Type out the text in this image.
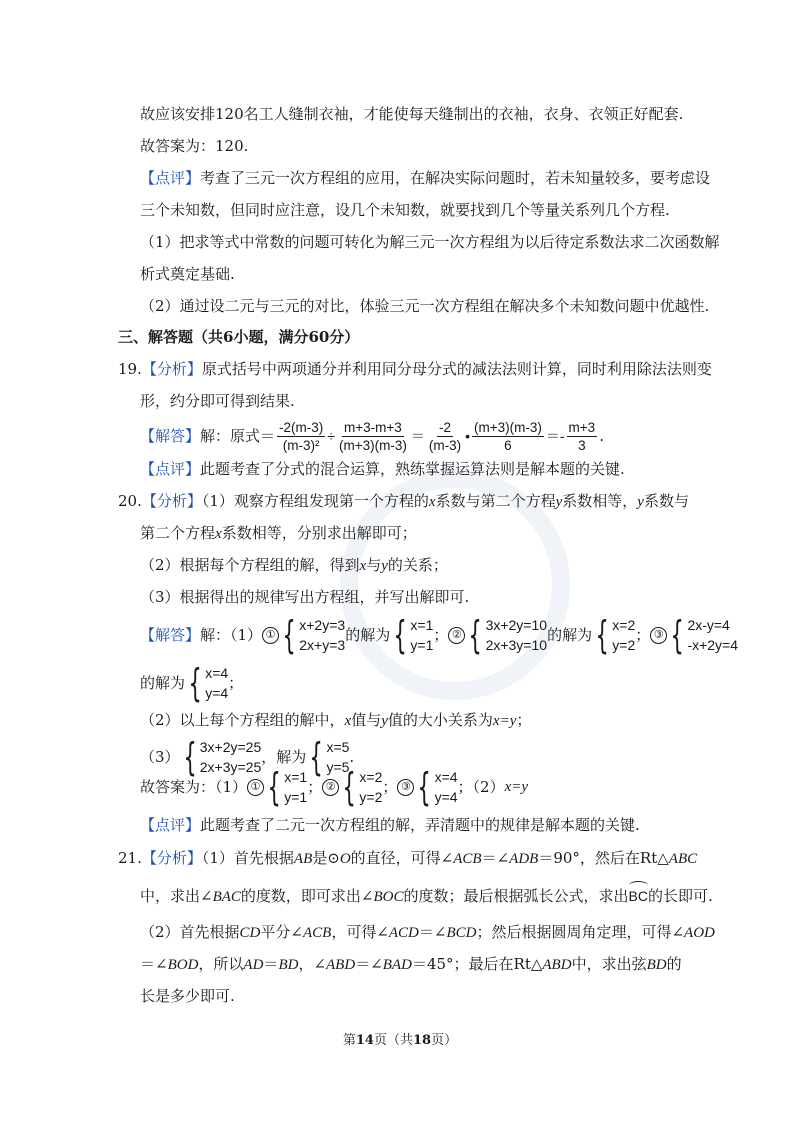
故应该安排120名工人缝制衣袖，才能使每天缝制出的衣袖，衣身、衣领正好配套.
故答案为：120.
【点评】考查了三元一次方程组的应用，在解决实际问题时，若未知量较多，要考虑设
三个未知数，但同时应注意，设几个未知数，就要找到几个等量关系列几个方程.
（1）把求等式中常数的问题可转化为解三元一次方程组为以后待定系数法求二次函数解
析式奠定基础.
（2）通过设二元与三元的对比，体验三元一次方程组在解决多个未知数问题中优越性.
三、解答题（共6小题，满分60分）
19.【分析】原式括号中两项通分并利用同分母分式的减法法则计算，同时利用除法法则变
形，约分即可得到结果.
【解答】 解：原式＝ $\frac{-2(m-3)}{\text{(m-3)²}} \div \frac{m+3-m+3}{(m+3)(m-3)} = \frac{-2}{(m-3)}$ • $\frac{(m+3)(m-3)}{6} =- \frac{m+3}{3}$ .
【点评】此题考查了分式的混合运算，熟练掌握运算法则是解本题的关键.
20.【分析】（1）观察方程组发现第一个方程的x系数与第二个方程y系数相等，y系数与
第二个方程x系数相等，分别求出解即可；
（2）根据每个方程组的解，得到x与y的关系；
（3）根据得出的规律写出方程组，并写出解即可.
【解答】 解：（1） ① { x+2y=3
2x+y=3
的解为 { x=1
y=1
； ② { 3x+2y=10
2x+3y=10
的解为 { x=2
y=2
； ③ { 2x-y=4
-x+2y=4
的解为 { x=4
y=4
；
（2）以上每个方程组的解中，x值与y值的大小关系为x=y；
（3） { 3x+2y=25
2x+3y=25
，解为 { x=5
y=5
.
故答案为：（1） ① { x=1
y=1
； ② { x=2
y=2
； ③ { x=4
y=4
；（2） x=y
【点评】此题考查了二元一次方程组的解，弄清题中的规律是解本题的关键.
21.【分析】（1）首先根据AB是⊙O的直径，可得∠ACB＝∠ADB＝90°，然后在Rt△ABC
中，求出∠BAC的度数，即可求出∠BOC的度数；最后根据弧长公式，求出BC的长即可.
（2）首先根据CD平分∠ACB，可得∠ACD＝∠BCD；然后根据圆周角定理，可得∠AOD
＝∠BOD，所以AD＝BD，∠ABD＝∠BAD＝45°；最后在Rt△ABD中，求出弦BD的
长是多少即可.
第14页（共18页）
